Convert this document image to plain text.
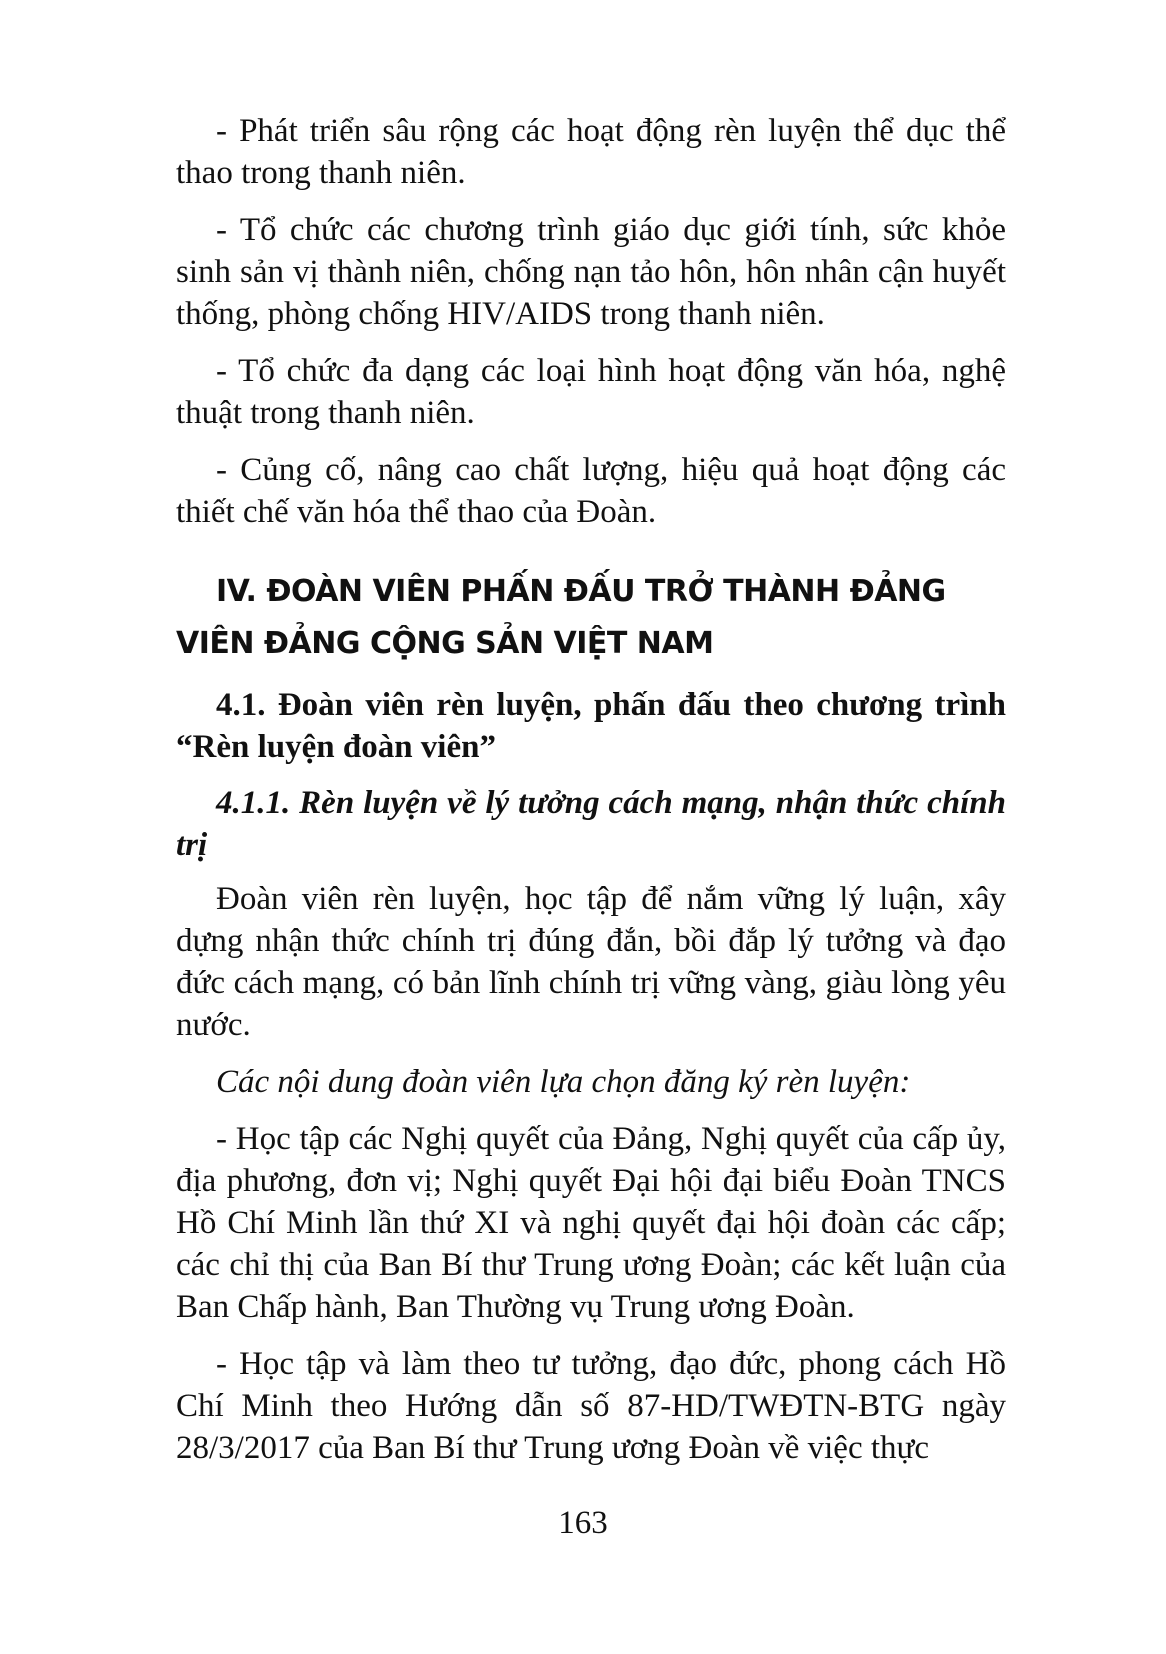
- Phát triển sâu rộng các hoạt động rèn luyện thể dục thể thao trong thanh niên.

- Tổ chức các chương trình giáo dục giới tính, sức khỏe sinh sản vị thành niên, chống nạn tảo hôn, hôn nhân cận huyết thống, phòng chống HIV/AIDS trong thanh niên.

- Tổ chức đa dạng các loại hình hoạt động văn hóa, nghệ thuật trong thanh niên.

- Củng cố, nâng cao chất lượng, hiệu quả hoạt động các thiết chế văn hóa thể thao của Đoàn.

IV. ĐOÀN VIÊN PHẤN ĐẤU TRỞ THÀNH ĐẢNG VIÊN ĐẢNG CỘNG SẢN VIỆT NAM
4.1. Đoàn viên rèn luyện, phấn đấu theo chương trình “Rèn luyện đoàn viên”
4.1.1. Rèn luyện về lý tưởng cách mạng, nhận thức chính trị

Đoàn viên rèn luyện, học tập để nắm vững lý luận, xây dựng nhận thức chính trị đúng đắn, bồi đắp lý tưởng và đạo đức cách mạng, có bản lĩnh chính trị vững vàng, giàu lòng yêu nước.

Các nội dung đoàn viên lựa chọn đăng ký rèn luyện:

- Học tập các Nghị quyết của Đảng, Nghị quyết của cấp ủy, địa phương, đơn vị; Nghị quyết Đại hội đại biểu Đoàn TNCS Hồ Chí Minh lần thứ XI và nghị quyết đại hội đoàn các cấp; các chỉ thị của Ban Bí thư Trung ương Đoàn; các kết luận của Ban Chấp hành, Ban Thường vụ Trung ương Đoàn.

- Học tập và làm theo tư tưởng, đạo đức, phong cách Hồ Chí Minh theo Hướng dẫn số 87-HD/TWĐTN-BTG ngày 28/3/2017 của Ban Bí thư Trung ương Đoàn về việc thực

163
